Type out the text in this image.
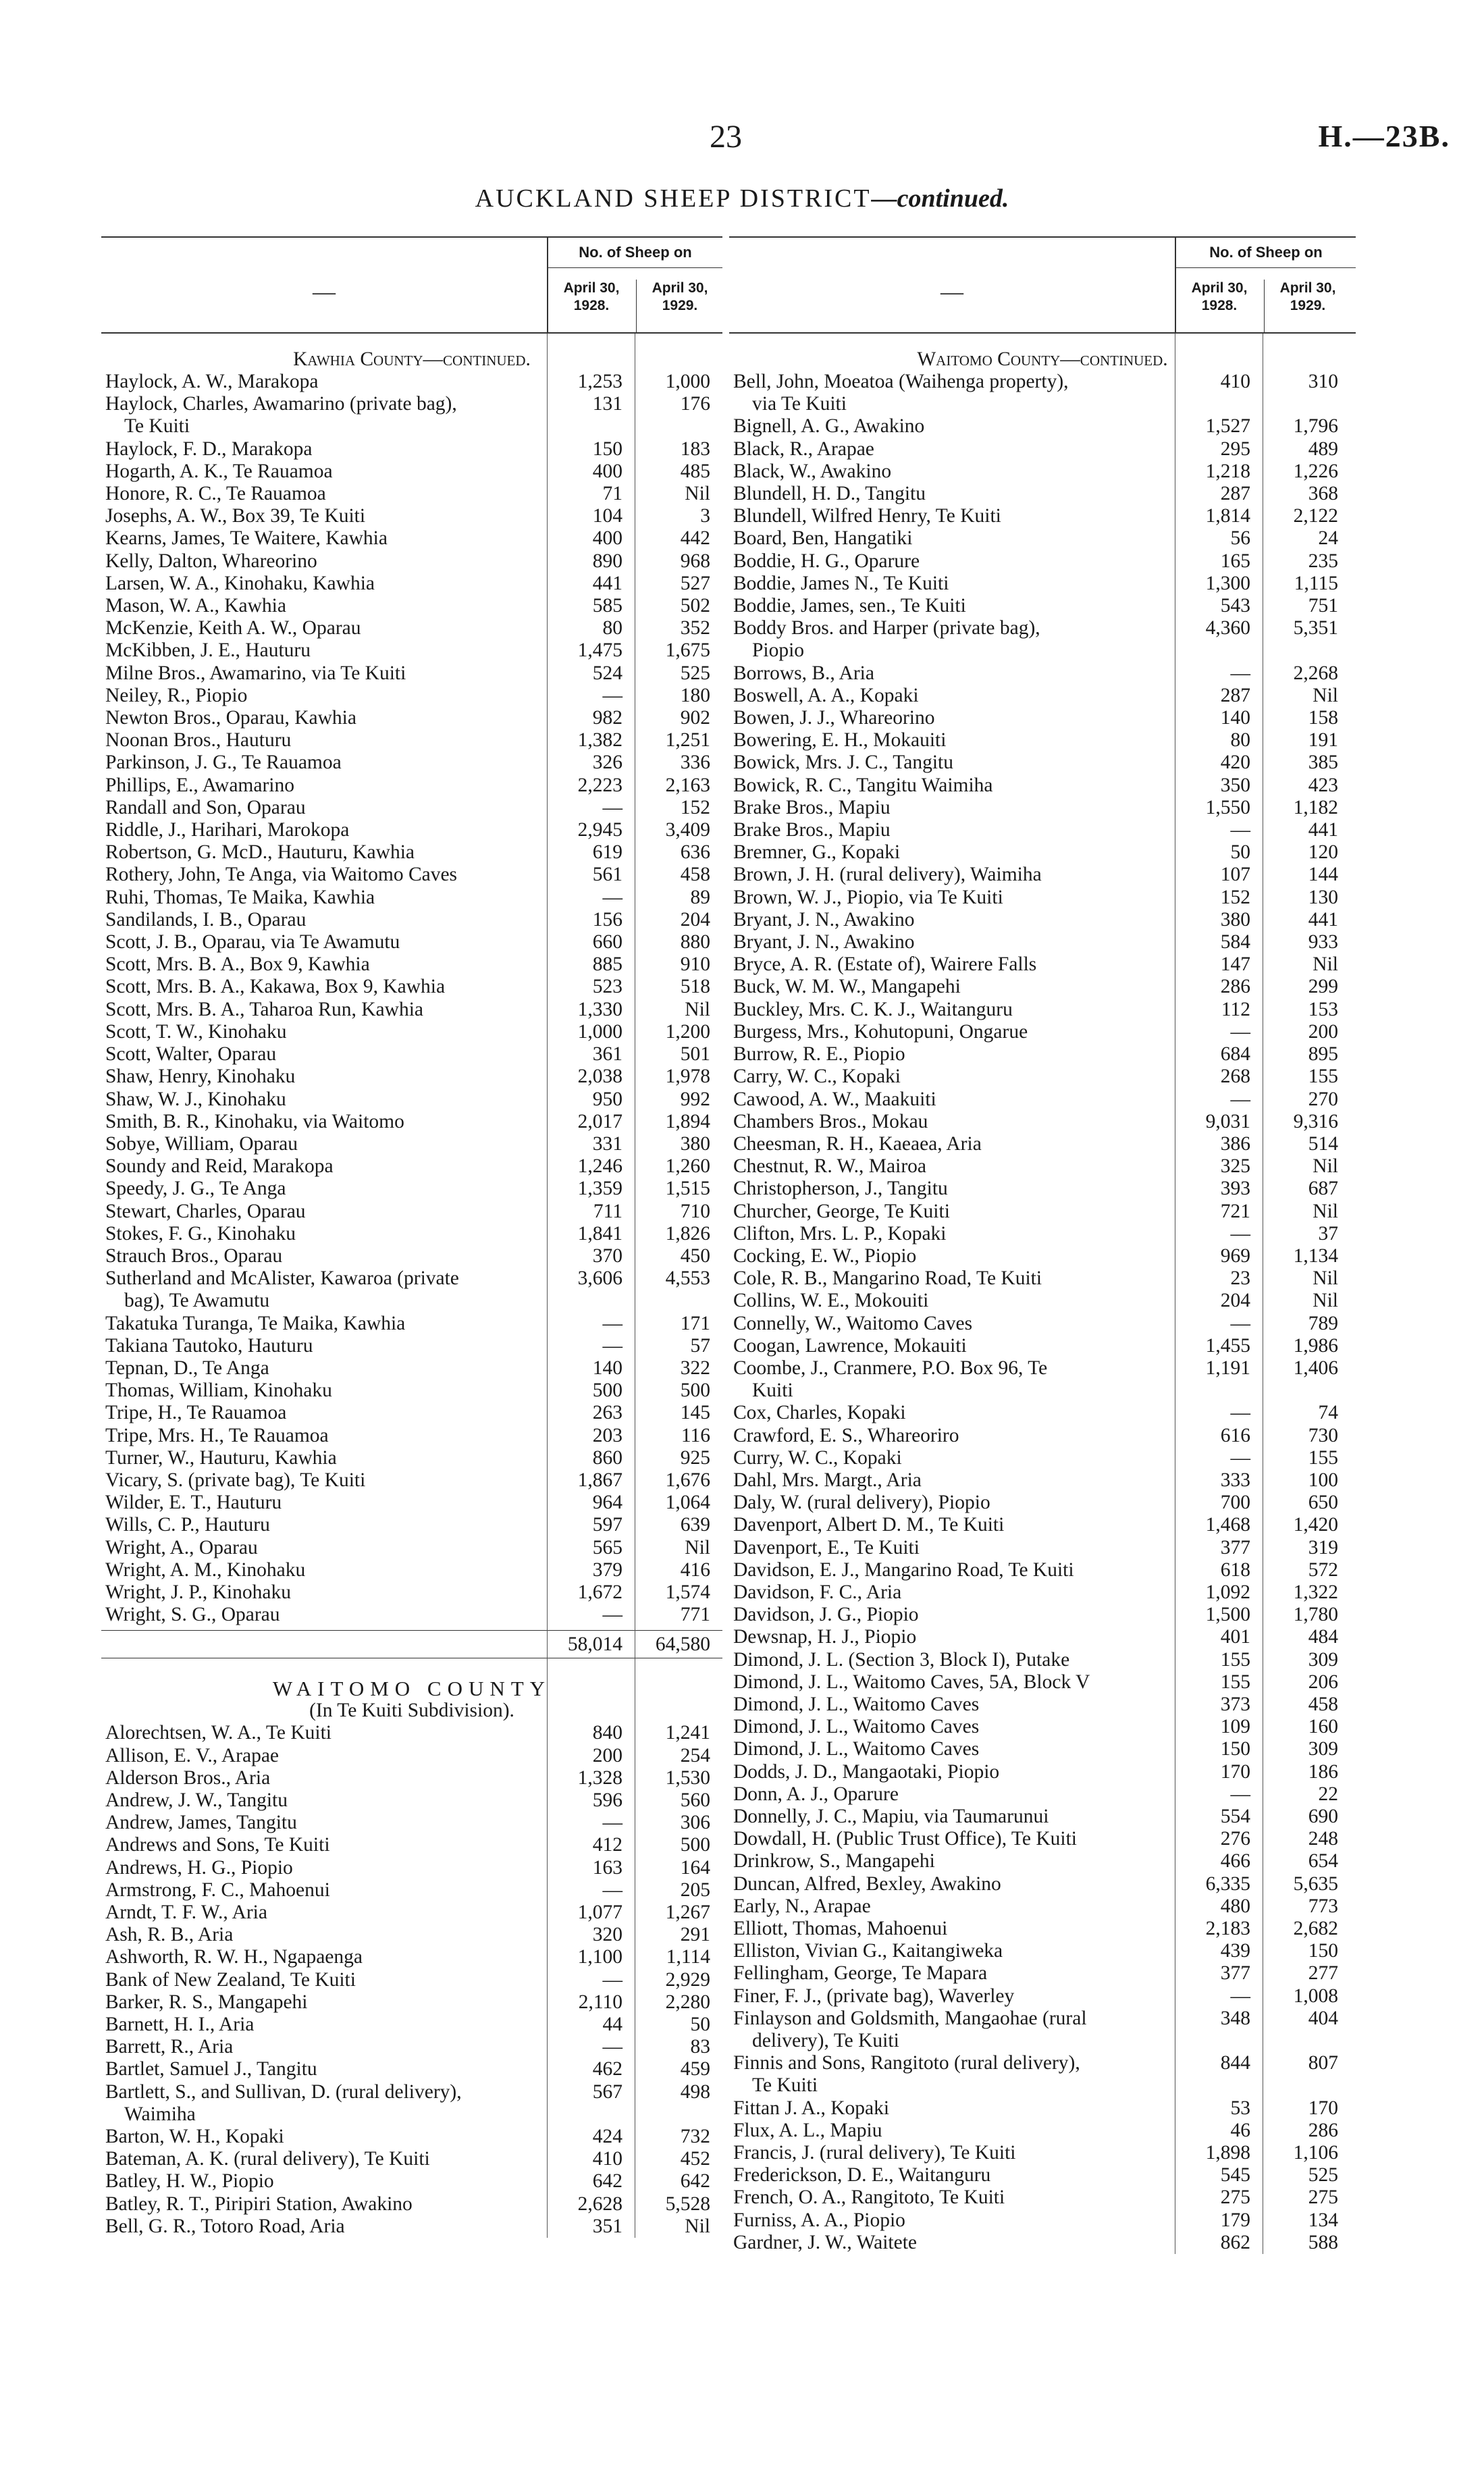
23	H.—23B.
AUCKLAND SHEEP DISTRICT—continued.
—
No. of Sheep on
April 30,
1928.
April 30,
1929.
Kawhia County—continued.
Haylock, A. W., Marakopa	1,253	1,000
Haylock, Charles, Awamarino (private bag),	131	176
Te Kuiti
Haylock, F. D., Marakopa	150	183
Hogarth, A. K., Te Rauamoa	400	485
Honore, R. C., Te Rauamoa	71	Nil
Josephs, A. W., Box 39, Te Kuiti	104	3
Kearns, James, Te Waitere, Kawhia	400	442
Kelly, Dalton, Whareorino	890	968
Larsen, W. A., Kinohaku, Kawhia	441	527
Mason, W. A., Kawhia	585	502
McKenzie, Keith A. W., Oparau	80	352
McKibben, J. E., Hauturu	1,475	1,675
Milne Bros., Awamarino, via Te Kuiti	524	525
Neiley, R., Piopio	—	180
Newton Bros., Oparau, Kawhia	982	902
Noonan Bros., Hauturu	1,382	1,251
Parkinson, J. G., Te Rauamoa	326	336
Phillips, E., Awamarino	2,223	2,163
Randall and Son, Oparau	—	152
Riddle, J., Harihari, Marokopa	2,945	3,409
Robertson, G. McD., Hauturu, Kawhia	619	636
Rothery, John, Te Anga, via Waitomo Caves	561	458
Ruhi, Thomas, Te Maika, Kawhia	—	89
Sandilands, I. B., Oparau	156	204
Scott, J. B., Oparau, via Te Awamutu	660	880
Scott, Mrs. B. A., Box 9, Kawhia	885	910
Scott, Mrs. B. A., Kakawa, Box 9, Kawhia	523	518
Scott, Mrs. B. A., Taharoa Run, Kawhia	1,330	Nil
Scott, T. W., Kinohaku	1,000	1,200
Scott, Walter, Oparau	361	501
Shaw, Henry, Kinohaku	2,038	1,978
Shaw, W. J., Kinohaku	950	992
Smith, B. R., Kinohaku, via Waitomo	2,017	1,894
Sobye, William, Oparau	331	380
Soundy and Reid, Marakopa	1,246	1,260
Speedy, J. G., Te Anga	1,359	1,515
Stewart, Charles, Oparau	711	710
Stokes, F. G., Kinohaku	1,841	1,826
Strauch Bros., Oparau	370	450
Sutherland and McAlister, Kawaroa (private	3,606	4,553
bag), Te Awamutu
Takatuka Turanga, Te Maika, Kawhia	—	171
Takiana Tautoko, Hauturu	—	57
Tepnan, D., Te Anga	140	322
Thomas, William, Kinohaku	500	500
Tripe, H., Te Rauamoa	263	145
Tripe, Mrs. H., Te Rauamoa	203	116
Turner, W., Hauturu, Kawhia	860	925
Vicary, S. (private bag), Te Kuiti	1,867	1,676
Wilder, E. T., Hauturu	964	1,064
Wills, C. P., Hauturu	597	639
Wright, A., Oparau	565	Nil
Wright, A. M., Kinohaku	379	416
Wright, J. P., Kinohaku	1,672	1,574
Wright, S. G., Oparau	—	771
58,014	64,580
WAITOMO COUNTY
(In Te Kuiti Subdivision).
Alorechtsen, W. A., Te Kuiti	840	1,241
Allison, E. V., Arapae	200	254
Alderson Bros., Aria	1,328	1,530
Andrew, J. W., Tangitu	596	560
Andrew, James, Tangitu	—	306
Andrews and Sons, Te Kuiti	412	500
Andrews, H. G., Piopio	163	164
Armstrong, F. C., Mahoenui	—	205
Arndt, T. F. W., Aria	1,077	1,267
Ash, R. B., Aria	320	291
Ashworth, R. W. H., Ngapaenga	1,100	1,114
Bank of New Zealand, Te Kuiti	—	2,929
Barker, R. S., Mangapehi	2,110	2,280
Barnett, H. I., Aria	44	50
Barrett, R., Aria	—	83
Bartlet, Samuel J., Tangitu	462	459
Bartlett, S., and Sullivan, D. (rural delivery),	567	498
Waimiha
Barton, W. H., Kopaki	424	732
Bateman, A. K. (rural delivery), Te Kuiti	410	452
Batley, H. W., Piopio	642	642
Batley, R. T., Piripiri Station, Awakino	2,628	5,528
Bell, G. R., Totoro Road, Aria	351	Nil
—
No. of Sheep on
April 30,
1928.
April 30,
1929.
Waitomo County—continued.
Bell, John, Moeatoa (Waihenga property),	410	310
via Te Kuiti
Bignell, A. G., Awakino	1,527	1,796
Black, R., Arapae	295	489
Black, W., Awakino	1,218	1,226
Blundell, H. D., Tangitu	287	368
Blundell, Wilfred Henry, Te Kuiti	1,814	2,122
Board, Ben, Hangatiki	56	24
Boddie, H. G., Oparure	165	235
Boddie, James N., Te Kuiti	1,300	1,115
Boddie, James, sen., Te Kuiti	543	751
Boddy Bros. and Harper (private bag),	4,360	5,351
Piopio
Borrows, B., Aria	—	2,268
Boswell, A. A., Kopaki	287	Nil
Bowen, J. J., Whareorino	140	158
Bowering, E. H., Mokauiti	80	191
Bowick, Mrs. J. C., Tangitu	420	385
Bowick, R. C., Tangitu Waimiha	350	423
Brake Bros., Mapiu	1,550	1,182
Brake Bros., Mapiu	—	441
Bremner, G., Kopaki	50	120
Brown, J. H. (rural delivery), Waimiha	107	144
Brown, W. J., Piopio, via Te Kuiti	152	130
Bryant, J. N., Awakino	380	441
Bryant, J. N., Awakino	584	933
Bryce, A. R. (Estate of), Wairere Falls	147	Nil
Buck, W. M. W., Mangapehi	286	299
Buckley, Mrs. C. K. J., Waitanguru	112	153
Burgess, Mrs., Kohutopuni, Ongarue	—	200
Burrow, R. E., Piopio	684	895
Carry, W. C., Kopaki	268	155
Cawood, A. W., Maakuiti	—	270
Chambers Bros., Mokau	9,031	9,316
Cheesman, R. H., Kaeaea, Aria	386	514
Chestnut, R. W., Mairoa	325	Nil
Christopherson, J., Tangitu	393	687
Churcher, George, Te Kuiti	721	Nil
Clifton, Mrs. L. P., Kopaki	—	37
Cocking, E. W., Piopio	969	1,134
Cole, R. B., Mangarino Road, Te Kuiti	23	Nil
Collins, W. E., Mokouiti	204	Nil
Connelly, W., Waitomo Caves	—	789
Coogan, Lawrence, Mokauiti	1,455	1,986
Coombe, J., Cranmere, P.O. Box 96, Te	1,191	1,406
Kuiti
Cox, Charles, Kopaki	—	74
Crawford, E. S., Whareoriro	616	730
Curry, W. C., Kopaki	—	155
Dahl, Mrs. Margt., Aria	333	100
Daly, W. (rural delivery), Piopio	700	650
Davenport, Albert D. M., Te Kuiti	1,468	1,420
Davenport, E., Te Kuiti	377	319
Davidson, E. J., Mangarino Road, Te Kuiti	618	572
Davidson, F. C., Aria	1,092	1,322
Davidson, J. G., Piopio	1,500	1,780
Dewsnap, H. J., Piopio	401	484
Dimond, J. L. (Section 3, Block I), Putake	155	309
Dimond, J. L., Waitomo Caves, 5A, Block V	155	206
Dimond, J. L., Waitomo Caves	373	458
Dimond, J. L., Waitomo Caves	109	160
Dimond, J. L., Waitomo Caves	150	309
Dodds, J. D., Mangaotaki, Piopio	170	186
Donn, A. J., Oparure	—	22
Donnelly, J. C., Mapiu, via Taumarunui	554	690
Dowdall, H. (Public Trust Office), Te Kuiti	276	248
Drinkrow, S., Mangapehi	466	654
Duncan, Alfred, Bexley, Awakino	6,335	5,635
Early, N., Arapae	480	773
Elliott, Thomas, Mahoenui	2,183	2,682
Elliston, Vivian G., Kaitangiweka	439	150
Fellingham, George, Te Mapara	377	277
Finer, F. J., (private bag), Waverley	—	1,008
Finlayson and Goldsmith, Mangaohae (rural	348	404
delivery), Te Kuiti
Finnis and Sons, Rangitoto (rural delivery),	844	807
Te Kuiti
Fittan J. A., Kopaki	53	170
Flux, A. L., Mapiu	46	286
Francis, J. (rural delivery), Te Kuiti	1,898	1,106
Frederickson, D. E., Waitanguru	545	525
French, O. A., Rangitoto, Te Kuiti	275	275
Furniss, A. A., Piopio	179	134
Gardner, J. W., Waitete	862	588
